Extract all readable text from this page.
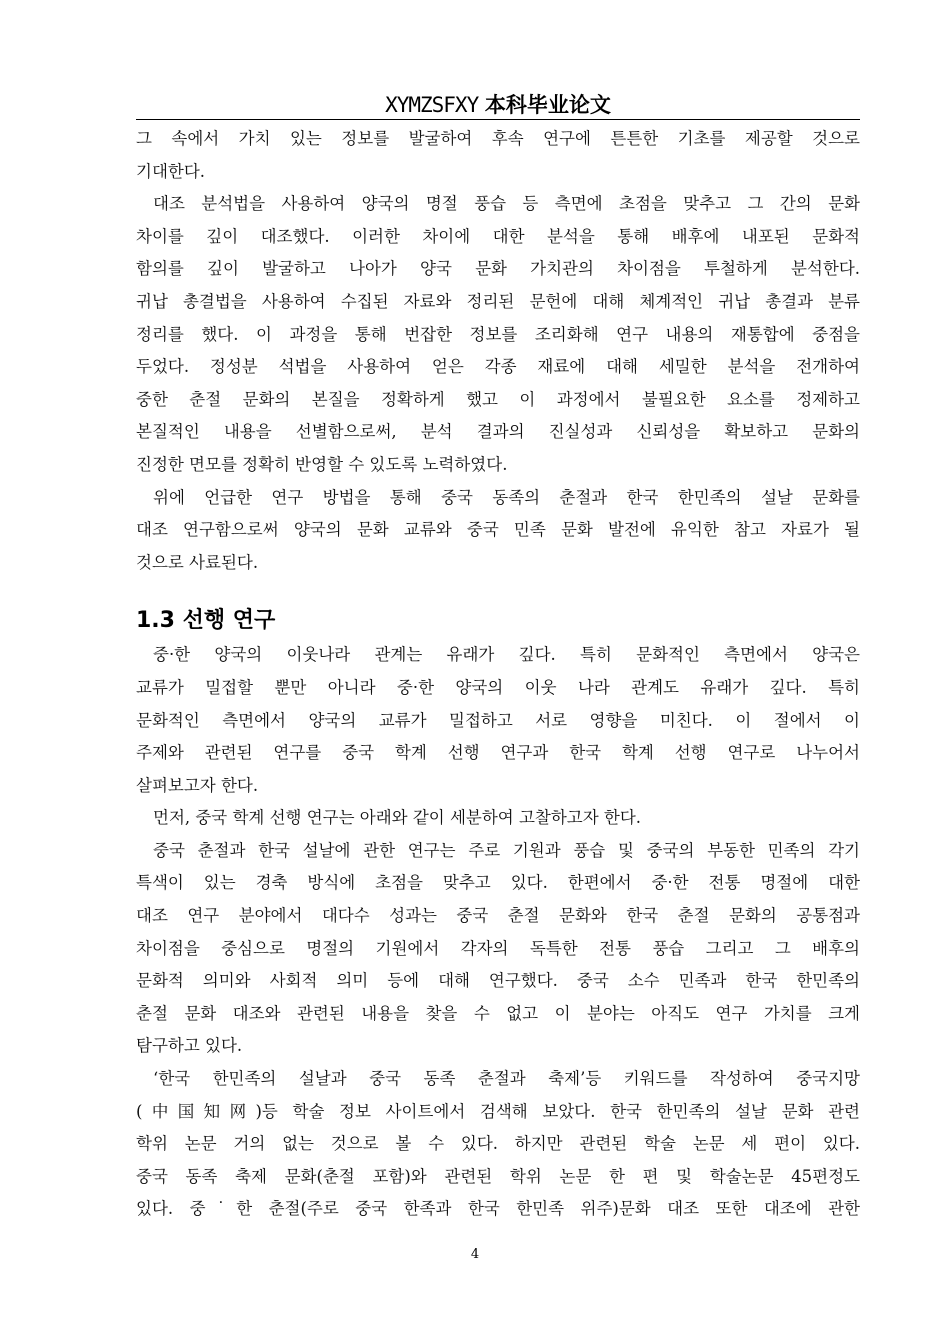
XYMZSFXY 本科毕业论文
그 속에서 가치 있는 정보를 발굴하여 후속 연구에 튼튼한 기초를 제공할 것으로
기대한다.
대조 분석법을 사용하여 양국의 명절 풍습 등 측면에 초점을 맞추고 그 간의 문화
차이를 깊이 대조했다. 이러한 차이에 대한 분석을 통해 배후에 내포된 문화적
함의를 깊이 발굴하고 나아가 양국 문화 가치관의 차이점을 투철하게 분석한다.
귀납 총결법을 사용하여 수집된 자료와 정리된 문헌에 대해 체계적인 귀납 총결과 분류
정리를 했다. 이 과정을 통해 번잡한 정보를 조리화해 연구 내용의 재통합에 중점을
두었다. 정성분 석법을 사용하여 얻은 각종 재료에 대해 세밀한 분석을 전개하여
중한 춘절 문화의 본질을 정확하게 했고 이 과정에서 불필요한 요소를 정제하고
본질적인 내용을 선별함으로써, 분석 결과의 진실성과 신뢰성을 확보하고 문화의
진정한 면모를 정확히 반영할 수 있도록 노력하였다.
위에 언급한 연구 방법을 통해 중국 동족의 춘절과 한국 한민족의 설날 문화를
대조 연구함으로써 양국의 문화 교류와 중국 민족 문화 발전에 유익한 참고 자료가 될
것으로 사료된다.
1.3 선행 연구
중·한 양국의 이웃나라 관계는 유래가 깊다. 특히 문화적인 측면에서 양국은
교류가 밀접할 뿐만 아니라 중·한 양국의 이웃 나라 관계도 유래가 깊다. 특히
문화적인 측면에서 양국의 교류가 밀접하고 서로 영향을 미친다. 이 절에서 이
주제와 관련된 연구를 중국 학계 선행 연구과 한국 학계 선행 연구로 나누어서
살펴보고자 한다.
먼저, 중국 학계 선행 연구는 아래와 같이 세분하여 고찰하고자 한다.
중국 춘절과 한국 설날에 관한 연구는 주로 기원과 풍습 및 중국의 부동한 민족의 각기
특색이 있는 경축 방식에 초점을 맞추고 있다. 한편에서 중·한 전통 명절에 대한
대조 연구 분야에서 대다수 성과는 중국 춘절 문화와 한국 춘절 문화의 공통점과
차이점을 중심으로 명절의 기원에서 각자의 독특한 전통 풍습 그리고 그 배후의
문화적 의미와 사회적 의미 등에 대해 연구했다. 중국 소수 민족과 한국 한민족의
춘절 문화 대조와 관련된 내용을 찾을 수 없고 이 분야는 아직도 연구 가치를 크게
탐구하고 있다.
‘한국 한민족의 설날과 중국 동족 춘절과 축제’등 키워드를 작성하여 중국지망
(中国知网)등 학술 정보 사이트에서 검색해 보았다. 한국 한민족의 설날 문화 관련
학위 논문 거의 없는 것으로 볼 수 있다. 하지만 관련된 학술 논문 세 편이 있다.
중국 동족 축제 문화(춘절 포함)와 관련된 학위 논문 한 편 및 학술논문 45편정도
있다. 중˙한 춘절(주로 중국 한족과 한국 한민족 위주)문화 대조 또한 대조에 관한
4
